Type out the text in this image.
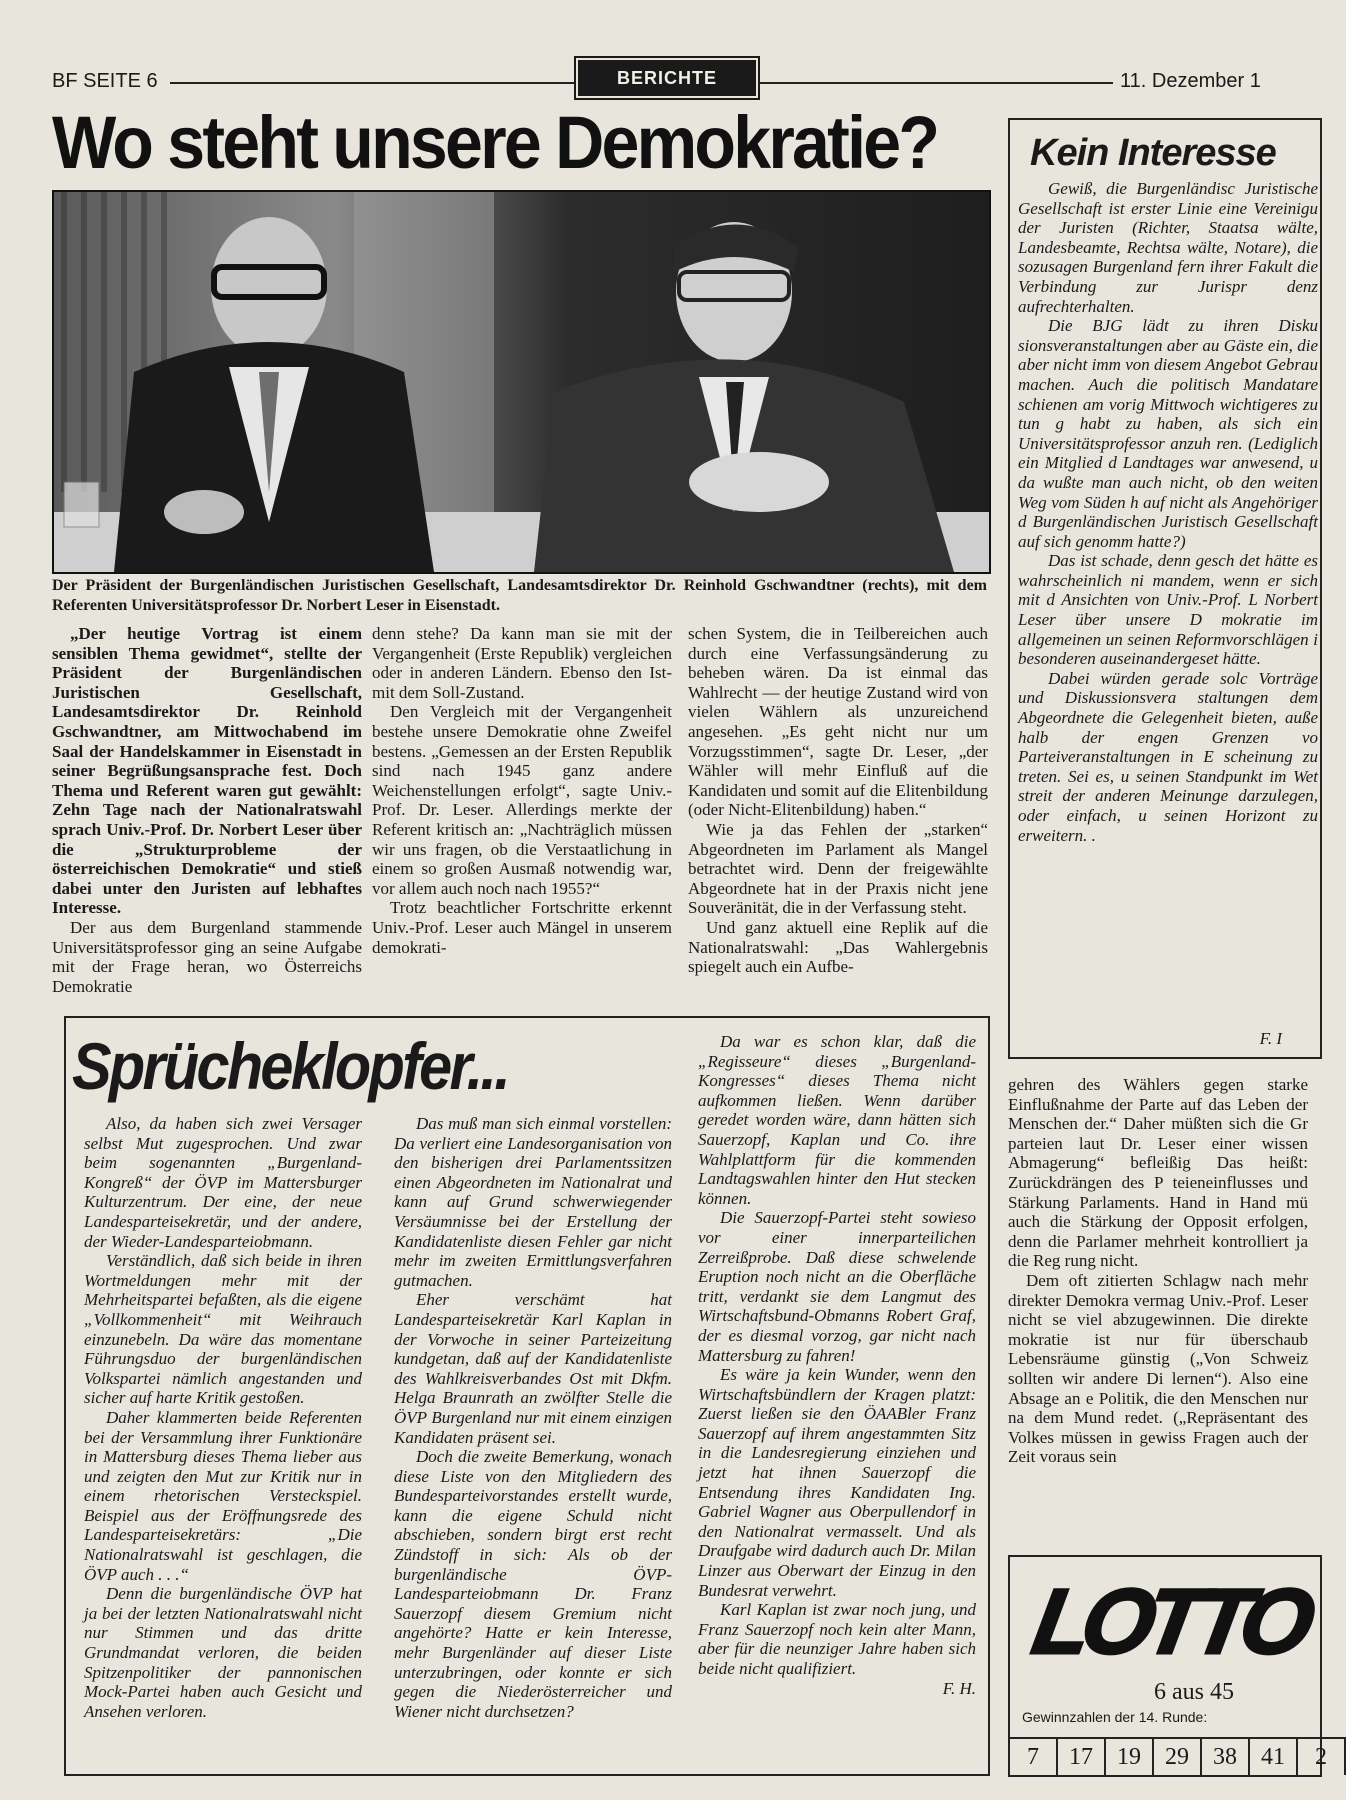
BF SEITE 6	BERICHTE	11. Dezember 1
Wo steht unsere Demokratie?
Der Präsident der Burgenländischen Juristischen Gesellschaft, Landesamtsdirektor Dr. Reinhold Gschwandtner (rechts), mit dem Referenten Universitätsprofessor Dr. Norbert Leser in Eisenstadt.

„Der heutige Vortrag ist einem sensiblen Thema gewidmet“, stellte der Präsident der Burgenländischen Juristischen Gesellschaft, Landesamtsdirektor Dr. Reinhold Gschwandtner, am Mittwochabend im Saal der Handelskammer in Eisenstadt in seiner Begrüßungsansprache fest. Doch Thema und Referent waren gut gewählt: Zehn Tage nach der Nationalratswahl sprach Univ.-Prof. Dr. Norbert Leser über die „Strukturprobleme der österreichischen Demokratie“ und stieß dabei unter den Juristen auf lebhaftes Interesse.

Der aus dem Burgenland stammende Universitätsprofessor ging an seine Aufgabe mit der Frage heran, wo Österreichs Demokratie

denn stehe? Da kann man sie mit der Vergangenheit (Erste Republik) vergleichen oder in anderen Ländern. Ebenso den Ist- mit dem Soll-Zustand.

Den Vergleich mit der Vergangenheit bestehe unsere Demokratie ohne Zweifel bestens. „Gemessen an der Ersten Republik sind nach 1945 ganz andere Weichenstellungen erfolgt“, sagte Univ.-Prof. Dr. Leser. Allerdings merkte der Referent kritisch an: „Nachträglich müssen wir uns fragen, ob die Verstaatlichung in einem so großen Ausmaß notwendig war, vor allem auch noch nach 1955?“

Trotz beachtlicher Fortschritte erkennt Univ.-Prof. Leser auch Mängel in unserem demokrati-

schen System, die in Teilbereichen auch durch eine Verfassungsänderung zu beheben wären. Da ist einmal das Wahlrecht — der heutige Zustand wird von vielen Wählern als unzureichend angesehen. „Es geht nicht nur um Vorzugsstimmen“, sagte Dr. Leser, „der Wähler will mehr Einfluß auf die Kandidaten und somit auf die Elitenbildung (oder Nicht-Elitenbildung) haben.“

Wie ja das Fehlen der „starken“ Abgeordneten im Parlament als Mangel betrachtet wird. Denn der freigewählte Abgeordnete hat in der Praxis nicht jene Souveränität, die in der Verfassung steht.

Und ganz aktuell eine Replik auf die Nationalratswahl: „Das Wahlergebnis spiegelt auch ein Aufbe-

Kein Interesse

Gewiß, die Burgenländisc Juristische Gesellschaft ist erster Linie eine Vereinigu der Juristen (Richter, Staatsa wälte, Landesbeamte, Rechtsa wälte, Notare), die sozusagen Burgenland fern ihrer Fakult die Verbindung zur Jurispr denz aufrechterhalten.

Die BJG lädt zu ihren Disku sionsveranstaltungen aber au Gäste ein, die aber nicht imm von diesem Angebot Gebrau machen. Auch die politisch Mandatare schienen am vorig Mittwoch wichtigeres zu tun g habt zu haben, als sich ein Universitätsprofessor anzuh ren. (Lediglich ein Mitglied d Landtages war anwesend, u da wußte man auch nicht, ob den weiten Weg vom Süden h auf nicht als Angehöriger d Burgenländischen Juristisch Gesellschaft auf sich genomm hatte?)

Das ist schade, denn gesch det hätte es wahrscheinlich ni mandem, wenn er sich mit d Ansichten von Univ.-Prof. L Norbert Leser über unsere D mokratie im allgemeinen un seinen Reformvorschlägen i besonderen auseinandergeset hätte.

Dabei würden gerade solc Vorträge und Diskussionsvera staltungen dem Abgeordnete die Gelegenheit bieten, auße halb der engen Grenzen vo Parteiveranstaltungen in E scheinung zu treten. Sei es, u seinen Standpunkt im Wet streit der anderen Meinunge darzulegen, oder einfach, u seinen Horizont zu erweitern. .

F. I

gehren des Wählers gegen starke Einflußnahme der Parte auf das Leben der Menschen der.“ Daher müßten sich die Gr parteien laut Dr. Leser einer wissen Abmagerung“ befleißig Das heißt: Zurückdrängen des P teieneinflusses und Stärkung Parlaments. Hand in Hand mü auch die Stärkung der Opposit erfolgen, denn die Parlamer mehrheit kontrolliert ja die Reg rung nicht.

Dem oft zitierten Schlagw nach mehr direkter Demokra vermag Univ.-Prof. Leser nicht se viel abzugewinnen. Die direkte mokratie ist nur für überschaub Lebensräume günstig („Von Schweiz sollten wir andere Di lernen“). Also eine Absage an e Politik, die den Menschen nur na dem Mund redet. („Repräsentant des Volkes müssen in gewiss Fragen auch der Zeit voraus sein

Sprücheklopfer...

Also, da haben sich zwei Versager selbst Mut zugesprochen. Und zwar beim sogenannten „Burgenland-Kongreß“ der ÖVP im Mattersburger Kulturzentrum. Der eine, der neue Landesparteisekretär, und der andere, der Wieder-Landesparteiobmann.

Verständlich, daß sich beide in ihren Wortmeldungen mehr mit der Mehrheitspartei befaßten, als die eigene „Vollkommenheit“ mit Weihrauch einzunebeln. Da wäre das momentane Führungsduo der burgenländischen Volkspartei nämlich angestanden und sicher auf harte Kritik gestoßen.

Daher klammerten beide Referenten bei der Versammlung ihrer Funktionäre in Mattersburg dieses Thema lieber aus und zeigten den Mut zur Kritik nur in einem rhetorischen Versteckspiel. Beispiel aus der Eröffnungsrede des Landesparteisekretärs: „Die Nationalratswahl ist geschlagen, die ÖVP auch . . .“

Denn die burgenländische ÖVP hat ja bei der letzten Nationalratswahl nicht nur Stimmen und das dritte Grundmandat verloren, die beiden Spitzenpolitiker der pannonischen Mock-Partei haben auch Gesicht und Ansehen verloren.

Das muß man sich einmal vorstellen: Da verliert eine Landesorganisation von den bisherigen drei Parlamentssitzen einen Abgeordneten im Nationalrat und kann auf Grund schwerwiegender Versäumnisse bei der Erstellung der Kandidatenliste diesen Fehler gar nicht mehr im zweiten Ermittlungsverfahren gutmachen.

Eher verschämt hat Landesparteisekretär Karl Kaplan in der Vorwoche in seiner Parteizeitung kundgetan, daß auf der Kandidatenliste des Wahlkreisverbandes Ost mit Dkfm. Helga Braunrath an zwölfter Stelle die ÖVP Burgenland nur mit einem einzigen Kandidaten präsent sei.

Doch die zweite Bemerkung, wonach diese Liste von den Mitgliedern des Bundesparteivorstandes erstellt wurde, kann die eigene Schuld nicht abschieben, sondern birgt erst recht Zündstoff in sich: Als ob der burgenländische ÖVP-Landesparteiobmann Dr. Franz Sauerzopf diesem Gremium nicht angehörte? Hatte er kein Interesse, mehr Burgenländer auf dieser Liste unterzubringen, oder konnte er sich gegen die Niederösterreicher und Wiener nicht durchsetzen?

Da war es schon klar, daß die „Regisseure“ dieses „Burgenland-Kongresses“ dieses Thema nicht aufkommen ließen. Wenn darüber geredet worden wäre, dann hätten sich Sauerzopf, Kaplan und Co. ihre Wahlplattform für die kommenden Landtagswahlen hinter den Hut stecken können.

Die Sauerzopf-Partei steht sowieso vor einer innerparteilichen Zerreißprobe. Daß diese schwelende Eruption noch nicht an die Oberfläche tritt, verdankt sie dem Langmut des Wirtschaftsbund-Obmanns Robert Graf, der es diesmal vorzog, gar nicht nach Mattersburg zu fahren!

Es wäre ja kein Wunder, wenn den Wirtschaftsbündlern der Kragen platzt: Zuerst ließen sie den ÖAABler Franz Sauerzopf auf ihrem angestammten Sitz in die Landesregierung einziehen und jetzt hat ihnen Sauerzopf die Entsendung ihres Kandidaten Ing. Gabriel Wagner aus Oberpullendorf in den Nationalrat vermasselt. Und als Draufgabe wird dadurch auch Dr. Milan Linzer aus Oberwart der Einzug in den Bundesrat verwehrt.

Karl Kaplan ist zwar noch jung, und Franz Sauerzopf noch kein alter Mann, aber für die neunziger Jahre haben sich beide nicht qualifiziert.

F. H.
LOTTO
6 aus 45
Gewinnzahlen der 14. Runde:
7	17	19	29	38	41	2
